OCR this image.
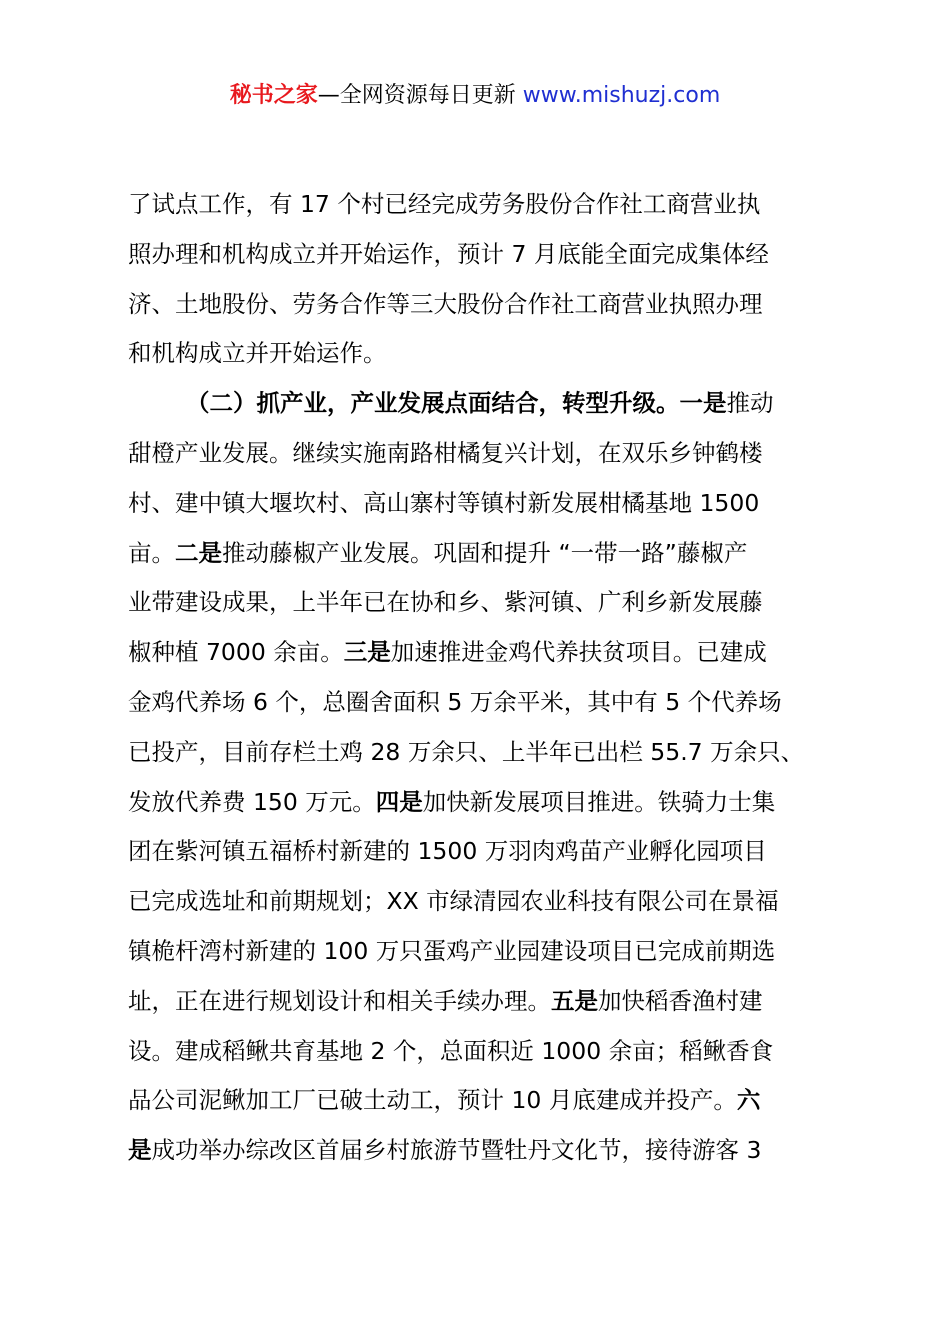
秘书之家—全网资源每日更新 www.mishuzj.com
了试点工作，有 17 个村已经完成劳务股份合作社工商营业执
照办理和机构成立并开始运作，预计 7 月底能全面完成集体经
济、土地股份、劳务合作等三大股份合作社工商营业执照办理
和机构成立并开始运作。
（二）抓产业，产业发展点面结合，转型升级。一是推动
甜橙产业发展。继续实施南路柑橘复兴计划，在双乐乡钟鹤楼
村、建中镇大堰坎村、高山寨村等镇村新发展柑橘基地 1500
亩。二是推动藤椒产业发展。巩固和提升 “一带一路”藤椒产
业带建设成果，上半年已在协和乡、紫河镇、广利乡新发展藤
椒种植 7000 余亩。三是加速推进金鸡代养扶贫项目。已建成
金鸡代养场 6 个，总圈舍面积 5 万余平米，其中有 5 个代养场
已投产，目前存栏土鸡 28 万余只、上半年已出栏 55.7 万余只、
发放代养费 150 万元。四是加快新发展项目推进。铁骑力士集
团在紫河镇五福桥村新建的 1500 万羽肉鸡苗产业孵化园项目
已完成选址和前期规划；XX 市绿清园农业科技有限公司在景福
镇桅杆湾村新建的 100 万只蛋鸡产业园建设项目已完成前期选
址，正在进行规划设计和相关手续办理。五是加快稻香渔村建
设。建成稻鳅共育基地 2 个，总面积近 1000 余亩；稻鳅香食
品公司泥鳅加工厂已破土动工，预计 10 月底建成并投产。六
是成功举办综改区首届乡村旅游节暨牡丹文化节，接待游客 3
